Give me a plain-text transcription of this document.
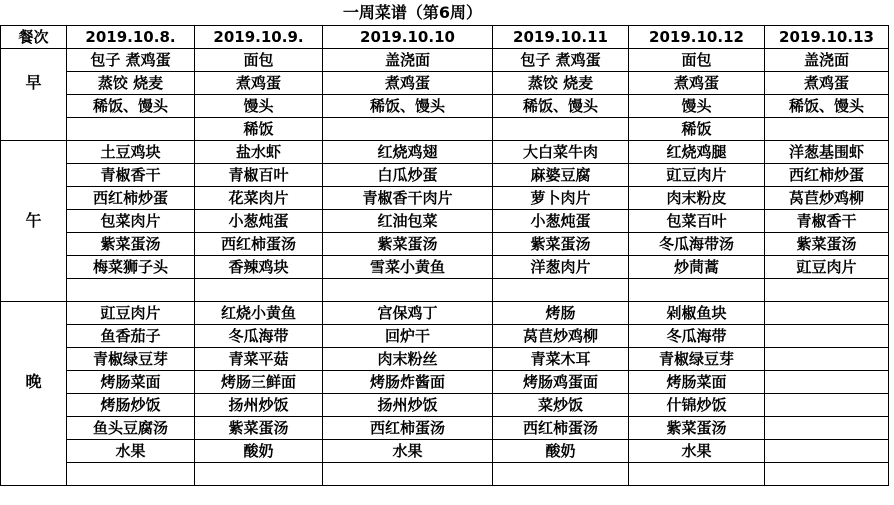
	一周菜谱（第6周）					
餐次	2019.10.8.	2019.10.9.	2019.10.10	2019.10.11	2019.10.12	2019.10.13
	包子 煮鸡蛋	面包	盖浇面	包子 煮鸡蛋	面包	盖浇面
早	蒸饺 烧麦	煮鸡蛋	煮鸡蛋	蒸饺 烧麦	煮鸡蛋	煮鸡蛋
	稀饭、馒头	馒头	稀饭、馒头	稀饭、馒头	馒头	稀饭、馒头
		稀饭			稀饭	
	土豆鸡块	盐水虾	红烧鸡翅	大白菜牛肉	红烧鸡腿	洋葱基围虾
	青椒香干	青椒百叶	白瓜炒蛋	麻婆豆腐	豇豆肉片	西红柿炒蛋
	西红柿炒蛋	花菜肉片	青椒香干肉片	萝卜肉片	肉末粉皮	莴苣炒鸡柳
午	包菜肉片	小葱炖蛋	红油包菜	小葱炖蛋	包菜百叶	青椒香干
	紫菜蛋汤	西红柿蛋汤	紫菜蛋汤	紫菜蛋汤	冬瓜海带汤	紫菜蛋汤
	梅菜狮子头	香辣鸡块	雪菜小黄鱼	洋葱肉片	炒茼蒿	豇豆肉片

	豇豆肉片	红烧小黄鱼	宫保鸡丁	烤肠	剁椒鱼块	
	鱼香茄子	冬瓜海带	回炉干	莴苣炒鸡柳	冬瓜海带	
	青椒绿豆芽	青菜平菇	肉末粉丝	青菜木耳	青椒绿豆芽	
晚	烤肠菜面	烤肠三鲜面	烤肠炸酱面	烤肠鸡蛋面	烤肠菜面	
	烤肠炒饭	扬州炒饭	扬州炒饭	菜炒饭	什锦炒饭	
	鱼头豆腐汤	紫菜蛋汤	西红柿蛋汤	西红柿蛋汤	紫菜蛋汤	
	水果	酸奶	水果	酸奶	水果	
